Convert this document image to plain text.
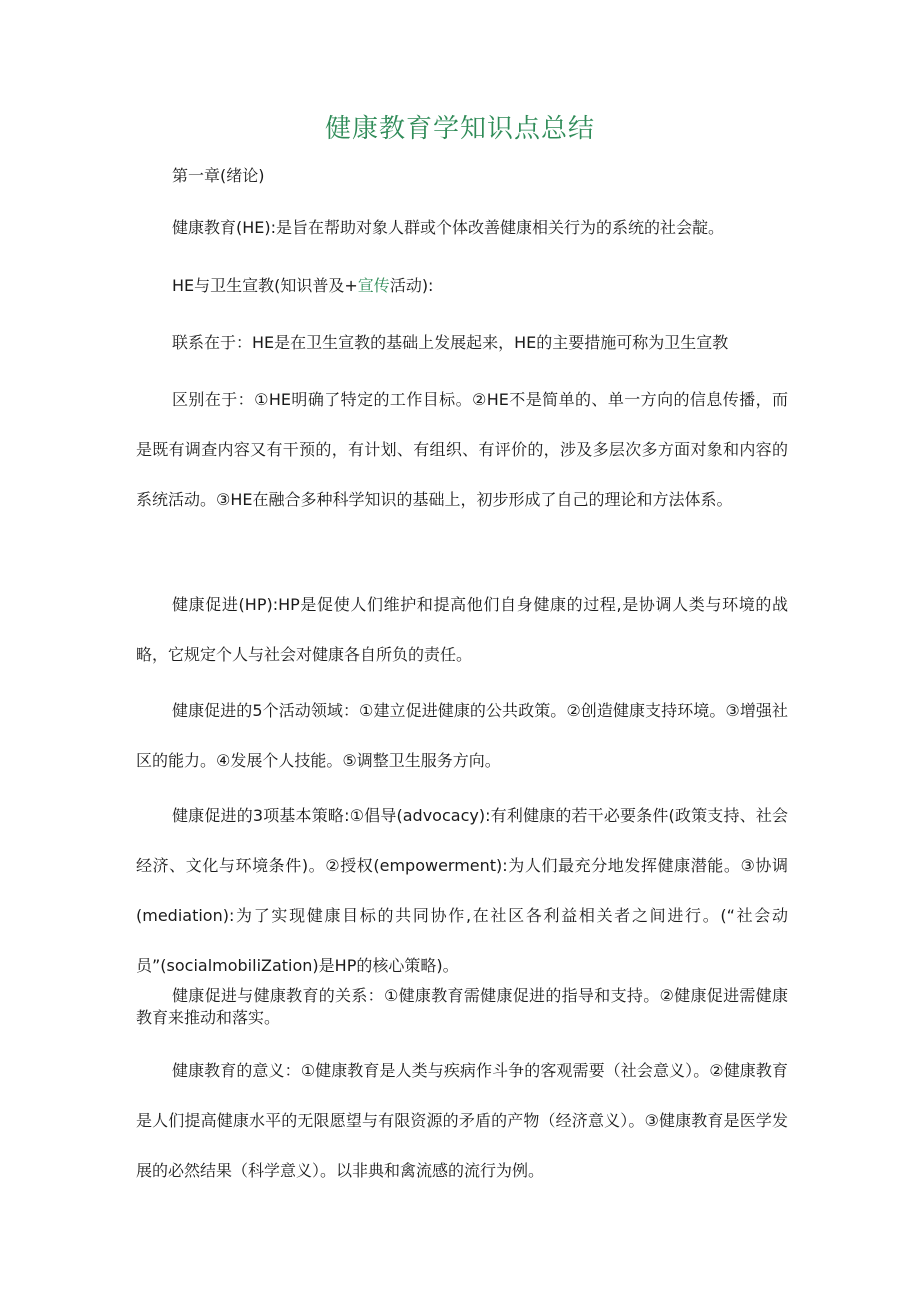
健康教育学知识点总结

第一章(绪论)

健康教育(HE):是旨在帮助对象人群或个体改善健康相关行为的系统的社会靛。

HE与卫生宣教(知识普及+宣传活动):

联系在于：HE是在卫生宣教的基础上发展起来，HE的主要措施可称为卫生宣教

区别在于：①HE明确了特定的工作目标。②HE不是简单的、单一方向的信息传播，而是既有调查内容又有干预的，有计划、有组织、有评价的，涉及多层次多方面对象和内容的系统活动。③HE在融合多种科学知识的基础上，初步形成了自己的理论和方法体系。

健康促进(HP):HP是促使人们维护和提高他们自身健康的过程,是协调人类与环境的战略，它规定个人与社会对健康各自所负的责任。

健康促进的5个活动领域：①建立促进健康的公共政策。②创造健康支持环境。③增强社区的能力。④发展个人技能。⑤调整卫生服务方向。

健康促进的3项基本策略:①倡导(advocacy):有利健康的若干必要条件(政策支持、社会经济、文化与环境条件)。②授权(empowerment):为人们最充分地发挥健康潜能。③协调(mediation):为了实现健康目标的共同协作,在社区各利益相关者之间进行。(“社会动员”(socialmobiliZation)是HP的核心策略)。

健康促进与健康教育的关系：①健康教育需健康促进的指导和支持。②健康促进需健康教育来推动和落实。

健康教育的意义：①健康教育是人类与疾病作斗争的客观需要（社会意义）。②健康教育是人们提高健康水平的无限愿望与有限资源的矛盾的产物（经济意义）。③健康教育是医学发展的必然结果（科学意义）。以非典和禽流感的流行为例。
